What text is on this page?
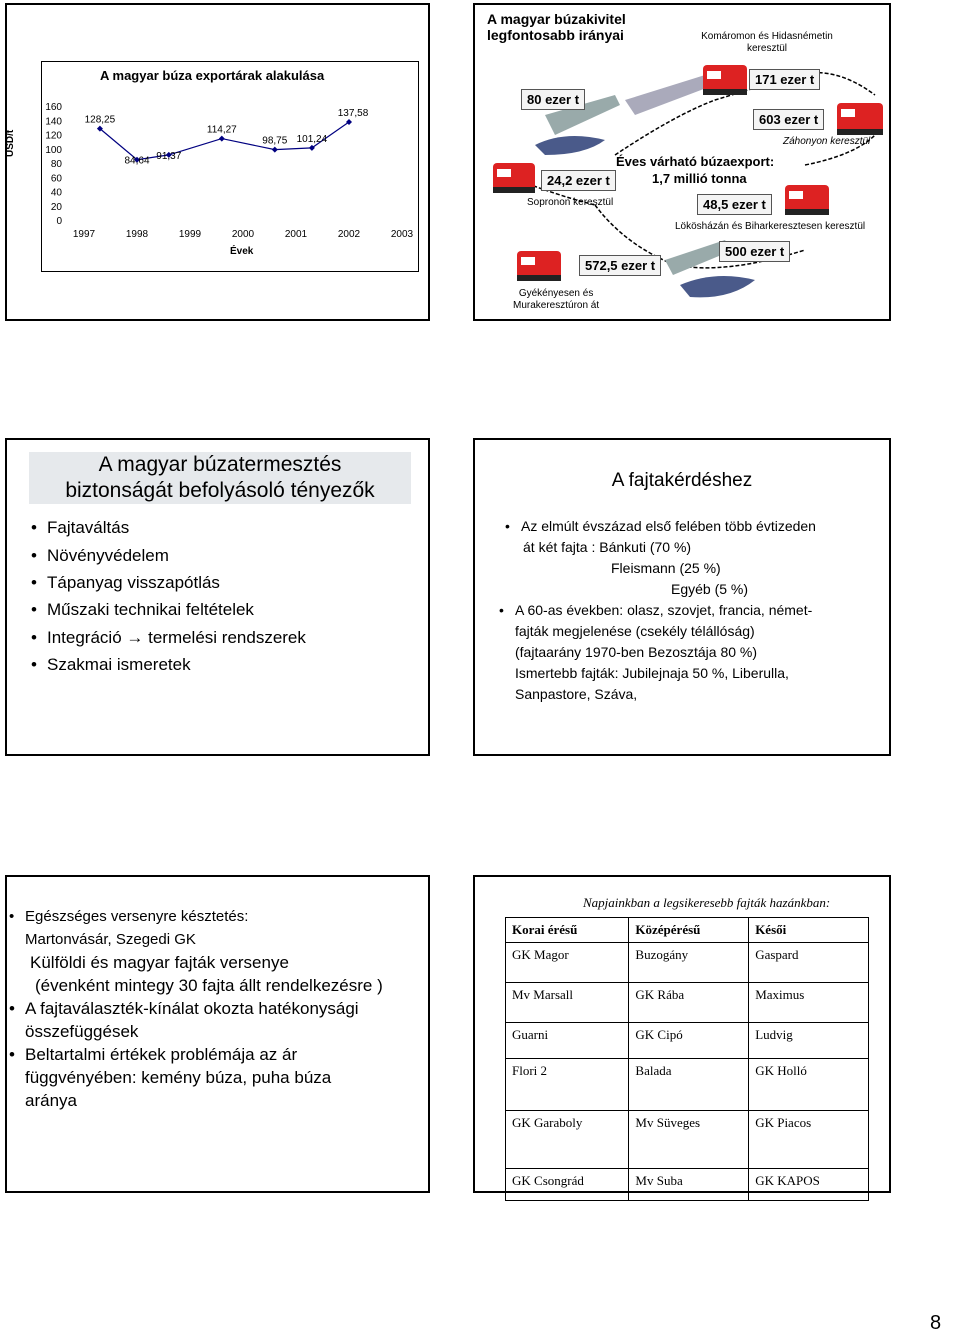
A magyar búza exportárak alakulása
160
140
120
100
80
60
40
20
0
1997	1998	1999	2000	2001	2002	2003
128,25
84,64 91,37
114,27
98,75 101,24
137,58
Évek
USD/t
A magyar búzakivitel
legfontosabb irányai	Komáromon és Hidasnémetin
keresztül
171 ezer t
80 ezer t
603 ezer t
Záhonyon keresztül
Éves várható búzaexport:
1,7 millió tonna
24,2 ezer t
48,5 ezer t
Sopronon keresztül
Lökösházán és Biharkeresztesen keresztül
500 ezer t
572,5 ezer t
Gyékényesen és
Murakeresztúron át
A magyar búzatermesztés
biztonságát befolyásoló tényezők
• Fajtaváltás
• Növényvédelem
• Tápanyag visszapótlás
• Műszaki technikai feltételek
• Integráció → termelési rendszerek
• Szakmai ismeretek
A fajtakérdéshez
• Az elmúlt évszázad első felében több évtizeden
át két fajta : Bánkuti (70 %)
Fleismann (25 %)
Egyéb (5 %)
• A 60-as években: olasz, szovjet, francia, német-
fajták megjelenése (csekély télállóság)
(fajtaarány 1970-ben Bezosztája 80 %)
Ismertebb fajták: Jubilejnaja 50 %, Liberulla,
Sanpastore, Száva,
• Egészséges versenyre késztetés:
Martonvásár, Szegedi GK
Külföldi és magyar fajták versenye
(évenként mintegy 30 fajta állt rendelkezésre )
• A fajtaválaszték-kínálat okozta hatékonysági
összefüggések
• Beltartalmi értékek problémája az ár
függvényében: kemény búza, puha búza
aránya
Napjainkban a legsikeresebb fajták hazánkban:
Korai érésű	Középérésű	Késői
GK Magor	Buzogány	Gaspard
Mv Marsall	GK Rába	Maximus
Guarni	GK Cipó	Ludvig
Flori 2	Balada	GK Holló
GK Garaboly	Mv Süveges	GK Piacos
GK Csongrád	Mv Suba	GK KAPOS
8
